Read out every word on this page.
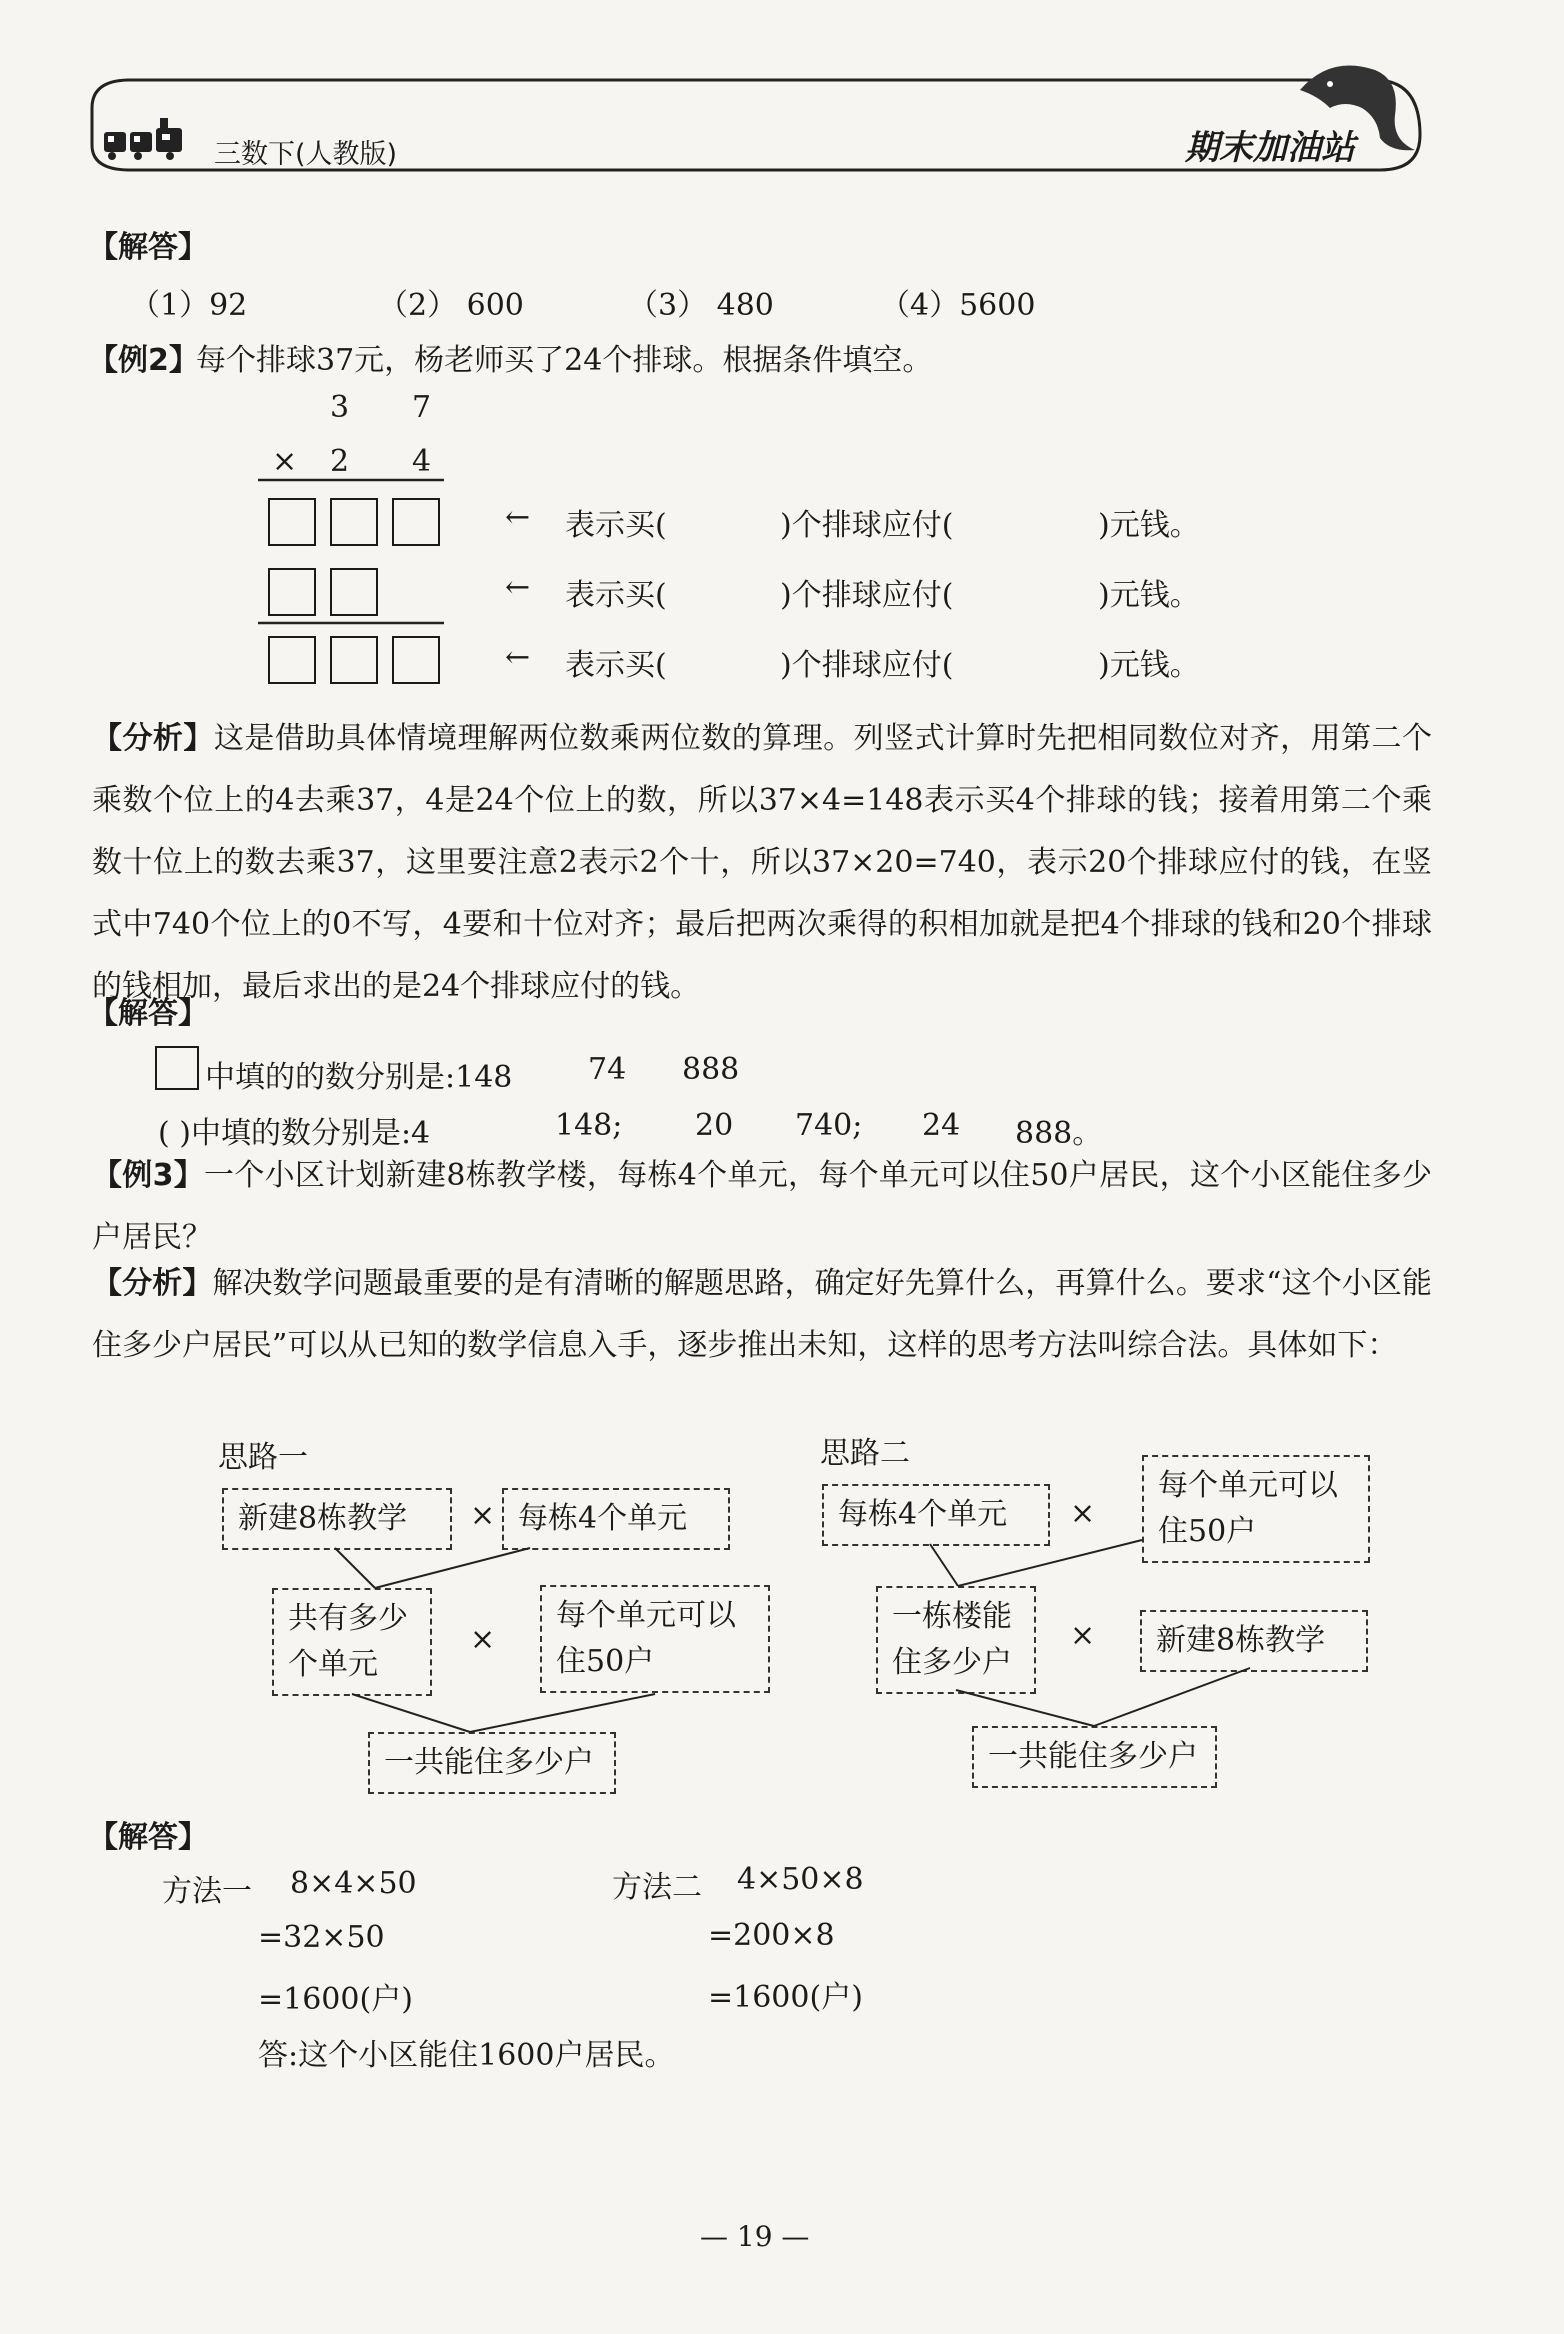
三数下(人教版)	期末加油站
【解答】
（1）92	（2） 600	（3） 480	（4）5600
【例2】
每个排球37元，杨老师买了24个排球。根据条件填空。
3 7
× 2 4
← 表示买(	)个排球应付(	)元钱。
← 表示买(	)个排球应付(	)元钱。
← 表示买(	)个排球应付(	)元钱。
【分析】这是借助具体情境理解两位数乘两位数的算理。列竖式计算时先把相同数位对齐，用第二个乘数个位上的4去乘37，4是24个位上的数，所以37×4=148表示买4个排球的钱；接着用第二个乘数十位上的数去乘37，这里要注意2表示2个十，所以37×20=740，表示20个排球应付的钱，在竖式中740个位上的0不写，4要和十位对齐；最后把两次乘得的积相加就是把4个排球的钱和20个排球的钱相加，最后求出的是24个排球应付的钱。
【解答】
中填的的数分别是:148	74 888
( )中填的数分别是:4	148; 20 740; 24 888。
【例3】一个小区计划新建8栋教学楼，每栋4个单元，每个单元可以住50户居民，这个小区能住多少户居民？
【分析】解决数学问题最重要的是有清晰的解题思路，确定好先算什么，再算什么。要求“这个小区能住多少户居民”可以从已知的数学信息入手，逐步推出未知，这样的思考方法叫综合法。具体如下：
思路一
新建8栋教学	× 每栋4个单元
共有多少个单元
×
每个单元可以住50户
一共能住多少户
思路二
每栋4个单元	×
每个单元可以住50户
一栋楼能住多少户
×	新建8栋教学
一共能住多少户
【解答】
方法一 8×4×50
=32×50
=1600(户)
方法二 4×50×8
=200×8
=1600(户)
答:这个小区能住1600户居民。
— 19 —
